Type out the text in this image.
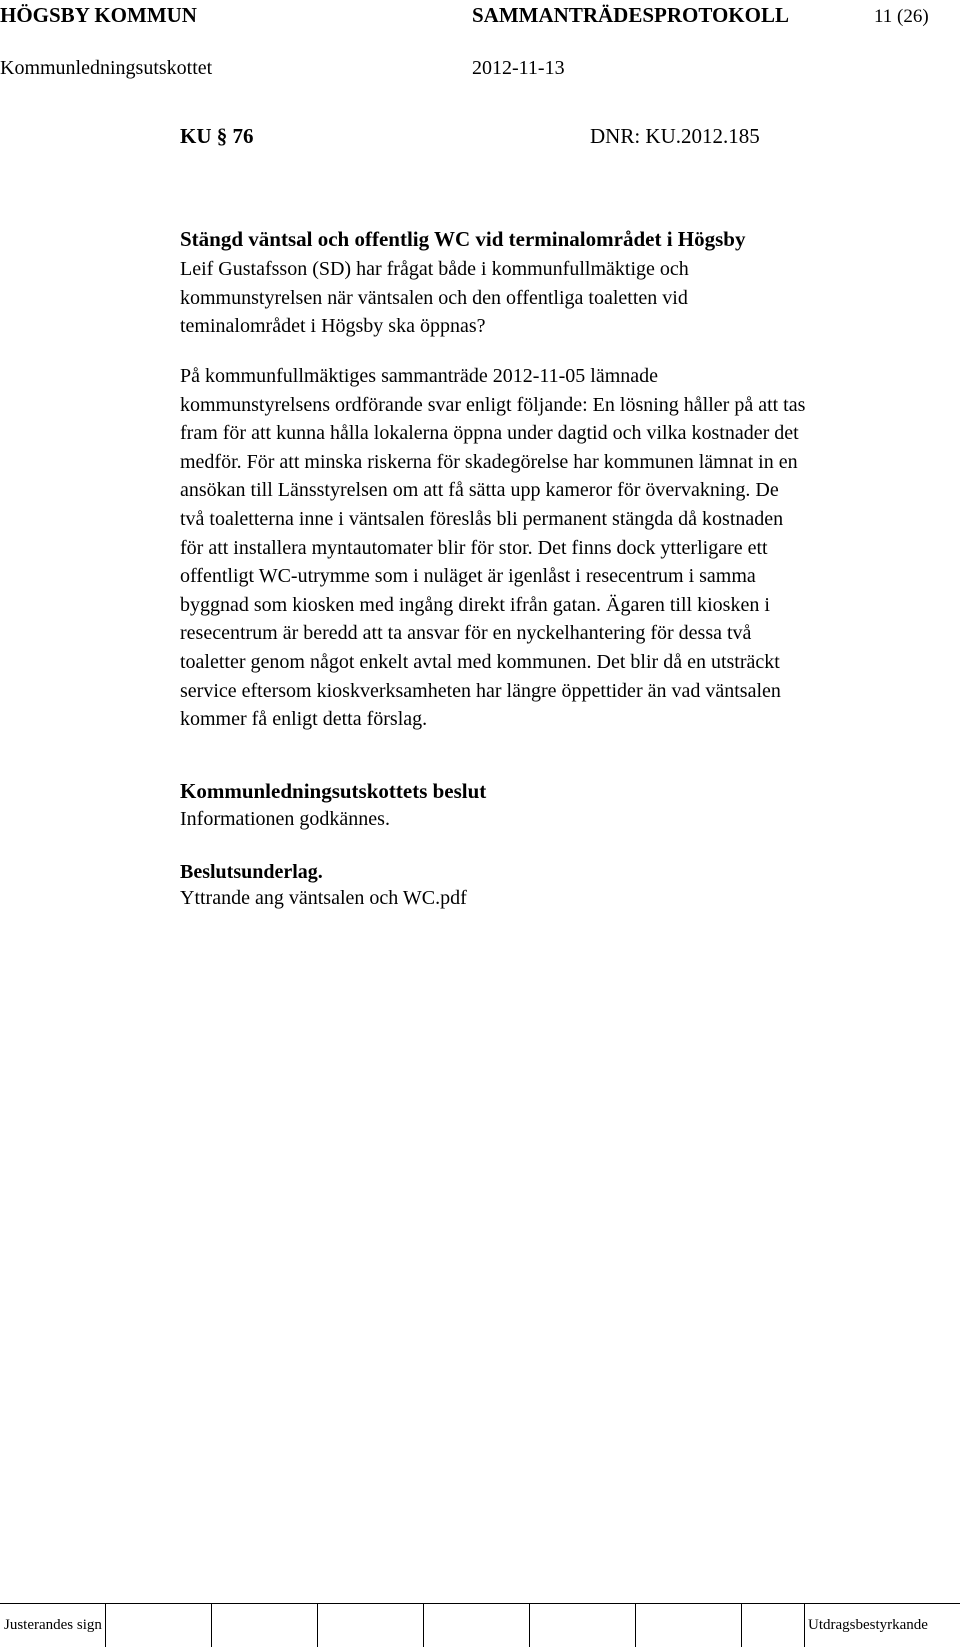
HÖGSBY KOMMUN	SAMMANTRÄDESPROTOKOLL	11 (26)
Kommunledningsutskottet	2012-11-13
KU § 76	DNR: KU.2012.185
Stängd väntsal och offentlig WC vid terminalområdet i Högsby
Leif Gustafsson (SD) har frågat både i kommunfullmäktige och
kommunstyrelsen när väntsalen och den offentliga toaletten vid
teminalområdet i Högsby ska öppnas?
På kommunfullmäktiges sammanträde 2012-11-05 lämnade
kommunstyrelsens ordförande svar enligt följande: En lösning håller på att tas
fram för att kunna hålla lokalerna öppna under dagtid och vilka kostnader det
medför. För att minska riskerna för skadegörelse har kommunen lämnat in en
ansökan till Länsstyrelsen om att få sätta upp kameror för övervakning. De
två toaletterna inne i väntsalen föreslås bli permanent stängda då kostnaden
för att installera myntautomater blir för stor. Det finns dock ytterligare ett
offentligt WC-utrymme som i nuläget är igenlåst i resecentrum i samma
byggnad som kiosken med ingång direkt ifrån gatan. Ägaren till kiosken i
resecentrum är beredd att ta ansvar för en nyckelhantering för dessa två
toaletter genom något enkelt avtal med kommunen. Det blir då en utsträckt
service eftersom kioskverksamheten har längre öppettider än vad väntsalen
kommer få enligt detta förslag.
Kommunledningsutskottets beslut
Informationen godkännes.
Beslutsunderlag.
Yttrande ang väntsalen och WC.pdf
Justerandes sign	Utdragsbestyrkande
